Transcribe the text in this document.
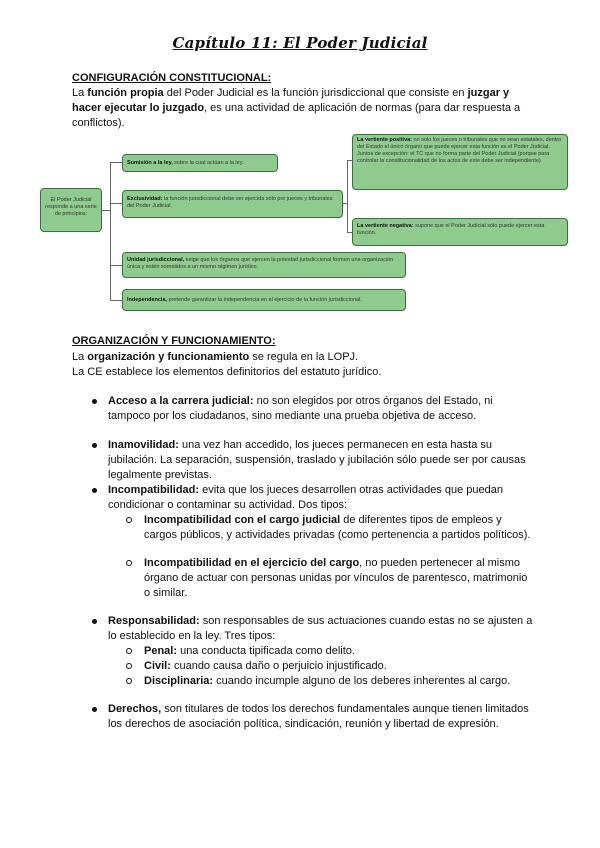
Capítulo 11: El Poder Judicial
CONFIGURACIÓN CONSTITUCIONAL:
La función propia del Poder Judicial es la función jurisdiccional que consiste en juzgar y hacer ejecutar lo juzgado, es una actividad de aplicación de normas (para dar respuesta a conflictos).
El Poder Judicial responde a una serie de principios:
Sumisión a la ley, sobre la cual actúan a la ley.
Exclusividad: la función jurisdiccional debe ser ejercida sólo por jueces y tribunales del Poder Judicial.
La vertiente positiva: no solo los jueces o tribunales que no sean estatales, dentro del Estado el único órgano que puede ejercer esta función es el Poder Judicial.
Juntos de excepción: el TC que no forma parte del Poder Judicial (porque para controlar la constitucionalidad de los actos de este debe ser independiente)
La vertiente negativa: supone que el Poder Judicial sólo puede ejercer esta función.
Unidad jurisdiccional, exige que los órganos que ejercen la potestad jurisdiccional formen una organización única y estén sometidos a un mismo régimen jurídico.
Independencia, pretende garantizar la independencia en el ejercicio de la función jurisdiccional.
ORGANIZACIÓN Y FUNCIONAMIENTO:
La organización y funcionamiento se regula en la LOPJ.
La CE establece los elementos definitorios del estatuto jurídico.
Acceso a la carrera judicial: no son elegidos por otros órganos del Estado, ni tampoco por los ciudadanos, sino mediante una prueba objetiva de acceso.
Inamovilidad: una vez han accedido, los jueces permanecen en esta hasta su jubilación. La separación, suspensión, traslado y jubilación sólo puede ser por causas legalmente previstas.
Incompatibilidad: evita que los jueces desarrollen otras actividades que puedan condicionar o contaminar su actividad. Dos tipos:
Incompatibilidad con el cargo judicial de diferentes tipos de empleos y cargos públicos, y actividades privadas (como pertenencia a partidos políticos).
Incompatibilidad en el ejercicio del cargo, no pueden pertenecer al mismo órgano de actuar con personas unidas por vínculos de parentesco, matrimonio o similar.
Responsabilidad: son responsables de sus actuaciones cuando estas no se ajusten a lo establecido en la ley. Tres tipos:
Penal: una conducta tipificada como delito.
Civil: cuando causa daño o perjuicio injustificado.
Disciplinaria: cuando incumple alguno de los deberes inherentes al cargo.
Derechos, son titulares de todos los derechos fundamentales aunque tienen limitados los derechos de asociación política, sindicación, reunión y libertad de expresión.
